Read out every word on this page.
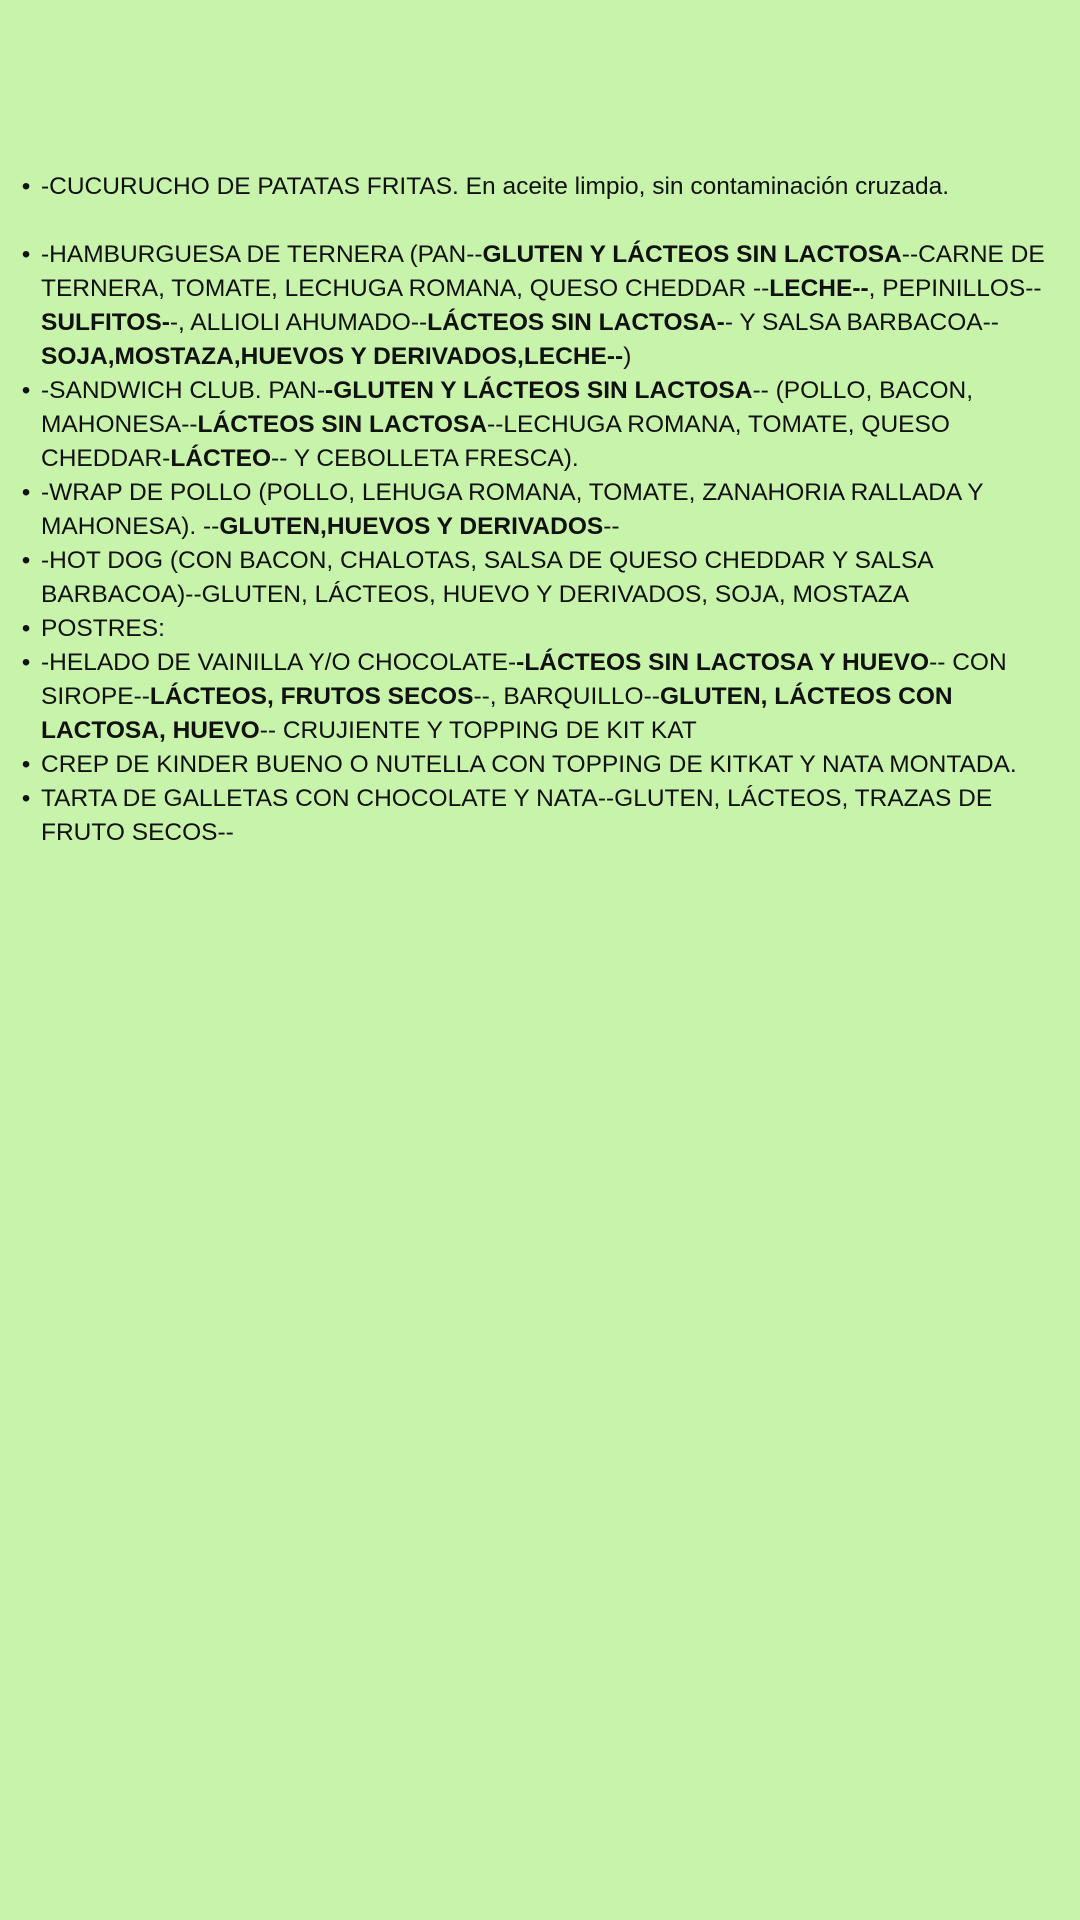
• -CUCURUCHO DE PATATAS FRITAS. En aceite limpio, sin contaminación cruzada.
• -HAMBURGUESA DE TERNERA (PAN--GLUTEN Y LÁCTEOS SIN LACTOSA--CARNE DE TERNERA, TOMATE, LECHUGA ROMANA, QUESO CHEDDAR --LECHE--, PEPINILLOS--SULFITOS--, ALLIOLI AHUMADO--LÁCTEOS SIN LACTOSA-- Y SALSA BARBACOA--SOJA,MOSTAZA,HUEVOS Y DERIVADOS,LECHE--)
• -SANDWICH CLUB. PAN--GLUTEN Y LÁCTEOS SIN LACTOSA-- (POLLO, BACON, MAHONESA--LÁCTEOS SIN LACTOSA--LECHUGA ROMANA, TOMATE, QUESO CHEDDAR-LÁCTEO-- Y CEBOLLETA FRESCA).
• -WRAP DE POLLO (POLLO, LEHUGA ROMANA, TOMATE, ZANAHORIA RALLADA Y MAHONESA). --GLUTEN,HUEVOS Y DERIVADOS--
• -HOT DOG (CON BACON, CHALOTAS, SALSA DE QUESO CHEDDAR Y SALSA BARBACOA)--GLUTEN, LÁCTEOS, HUEVO Y DERIVADOS, SOJA, MOSTAZA
• POSTRES:
• -HELADO DE VAINILLA Y/O CHOCOLATE--LÁCTEOS SIN LACTOSA Y HUEVO-- CON SIROPE--LÁCTEOS, FRUTOS SECOS--, BARQUILLO--GLUTEN, LÁCTEOS CON LACTOSA, HUEVO-- CRUJIENTE Y TOPPING DE KIT KAT
• CREP DE KINDER BUENO O NUTELLA CON TOPPING DE KITKAT Y NATA MONTADA.
• TARTA DE GALLETAS CON CHOCOLATE Y NATA--GLUTEN, LÁCTEOS, TRAZAS DE FRUTO SECOS--
